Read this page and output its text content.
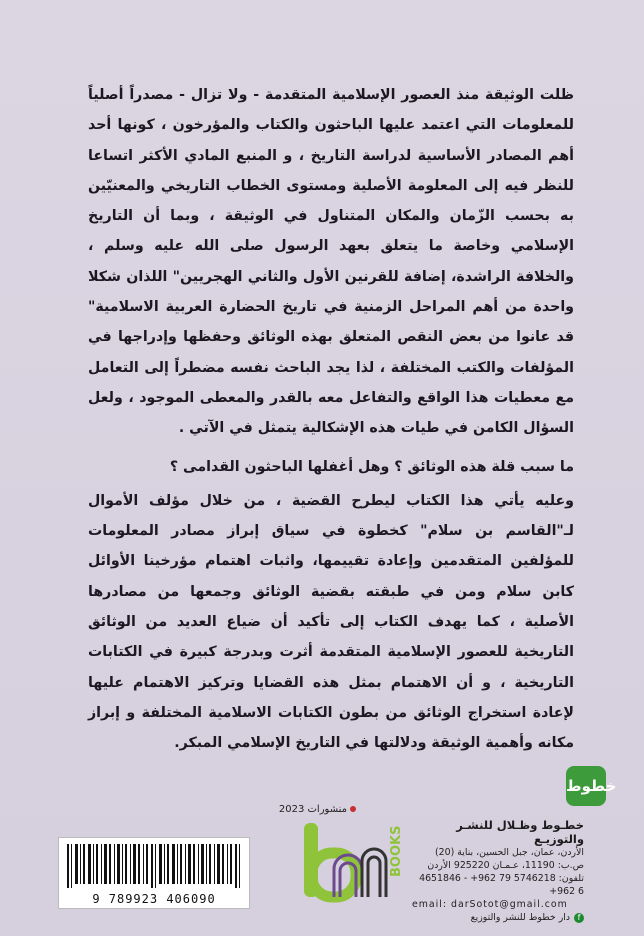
ظلت الوثيقة منذ العصور الإسلامية المتقدمة - ولا تزال - مصدراً أصلياً للمعلومات التي اعتمد عليها الباحثون والكتاب والمؤرخون ، كونها أحد أهم المصادر الأساسية لدراسة التاريخ ، و المنبع المادي الأكثر اتساعا للنظر فيه إلى المعلومة الأصلية ومستوى الخطاب التاريخي والمعنيّين به بحسب الزّمان والمكان المتناول في الوثيقة ، وبما أن التاريخ الإسلامي وخاصة ما يتعلق بعهد الرسول صلى الله عليه وسلم ، والخلافة الراشدة، إضافة للقرنين الأول والثاني الهجريين" اللذان شكلا واحدة من أهم المراحل الزمنية في تاريخ الحضارة العربية الاسلامية" قد عانوا من بعض النقص المتعلق بهذه الوثائق وحفظها وإدراجها في المؤلفات والكتب المختلفة ، لذا يجد الباحث نفسه مضطراً إلى التعامل مع معطيات هذا الواقع والتفاعل معه بالقدر والمعطى الموجود ، ولعل السؤال الكامن في طيات هذه الإشكالية يتمثل في الآتي .

ما سبب قلة هذه الوثائق ؟ وهل أغفلها الباحثون القدامى ؟

وعليه يأتي هذا الكتاب ليطرح القضية ، من خلال مؤلف الأموال لـ"القاسم بن سلام" كخطوة في سياق إبراز مصادر المعلومات للمؤلفين المتقدمين وإعادة تقييمها، واثبات اهتمام مؤرخينا الأوائل كابن سلام ومن في طبقته بقضية الوثائق وجمعها من مصادرها الأصلية ، كما يهدف الكتاب إلى تأكيد أن ضياع العديد من الوثائق التاريخية للعصور الإسلامية المتقدمة أثرت وبدرجة كبيرة في الكتابات التاريخية ، و أن الاهتمام بمثل هذه القضايا وتركيز الاهتمام عليها لإعادة استخراج الوثائق من بطون الكتابات الاسلامية المختلفة و إبراز مكانه وأهمية الوثيقة ودلالتها في التاريخ الإسلامي المبكر.

خطوط
منشورات 2023
BOOKS
خطـوط وظـلال للنشـر والتوزيـع
الأردن، عمان، جبل الحسين، بناية (20)
ص.ب: 11190، عـمـان 925220 الأردن
تلفون: 5746218 79 962+ - 4651846 6 962+
email: darSotot@gmail.com
fدار خطوط للنشر والتوزيع
9 789923 406090
